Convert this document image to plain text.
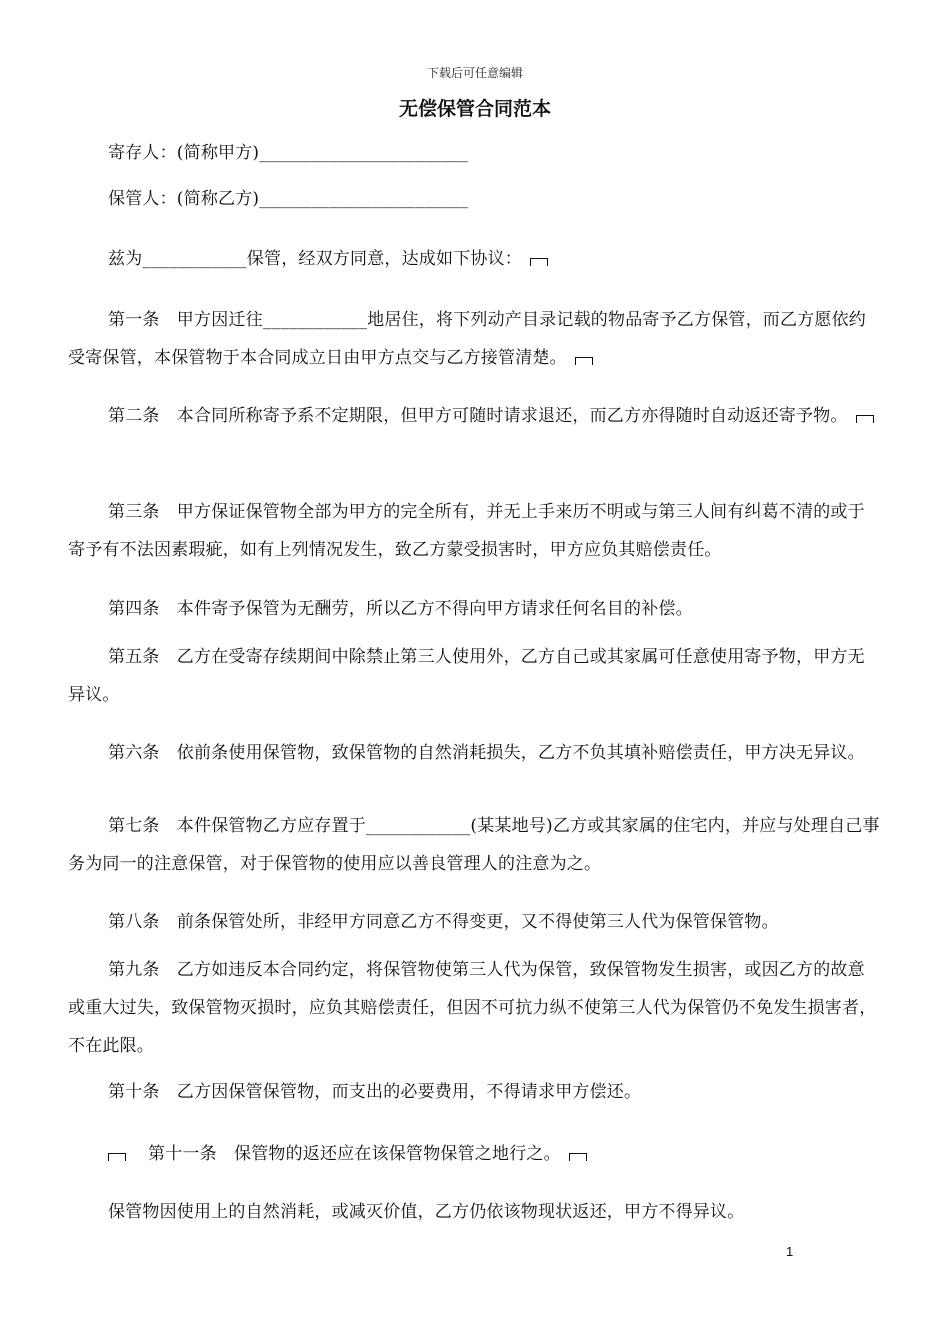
下载后可任意编辑
无偿保管合同范本

寄存人：(简称甲方)________________________

保管人：(简称乙方)________________________

兹为____________保管，经双方同意，达成如下协议：

第一条　甲方因迁往____________地居住，将下列动产目录记载的物品寄予乙方保管，而乙方愿依约受寄保管，本保管物于本合同成立日由甲方点交与乙方接管清楚。

第二条　本合同所称寄予系不定期限，但甲方可随时请求退还，而乙方亦得随时自动返还寄予物。

第三条　甲方保证保管物全部为甲方的完全所有，并无上手来历不明或与第三人间有纠葛不清的或于寄予有不法因素瑕疵，如有上列情况发生，致乙方蒙受损害时，甲方应负其赔偿责任。

第四条　本件寄予保管为无酬劳，所以乙方不得向甲方请求任何名目的补偿。

第五条　乙方在受寄存续期间中除禁止第三人使用外，乙方自己或其家属可任意使用寄予物，甲方无异议。

第六条　依前条使用保管物，致保管物的自然消耗损失，乙方不负其填补赔偿责任，甲方决无异议。

第七条　本件保管物乙方应存置于____________(某某地号)乙方或其家属的住宅内，并应与处理自己事务为同一的注意保管，对于保管物的使用应以善良管理人的注意为之。

第八条　前条保管处所，非经甲方同意乙方不得变更，又不得使第三人代为保管保管物。

第九条　乙方如违反本合同约定，将保管物使第三人代为保管，致保管物发生损害，或因乙方的故意或重大过失，致保管物灭损时，应负其赔偿责任，但因不可抗力纵不使第三人代为保管仍不免发生损害者，不在此限。

第十条　乙方因保管保管物，而支出的必要费用，不得请求甲方偿还。

第十一条　保管物的返还应在该保管物保管之地行之。

保管物因使用上的自然消耗，或减灭价值，乙方仍依该物现状返还，甲方不得异议。

1
